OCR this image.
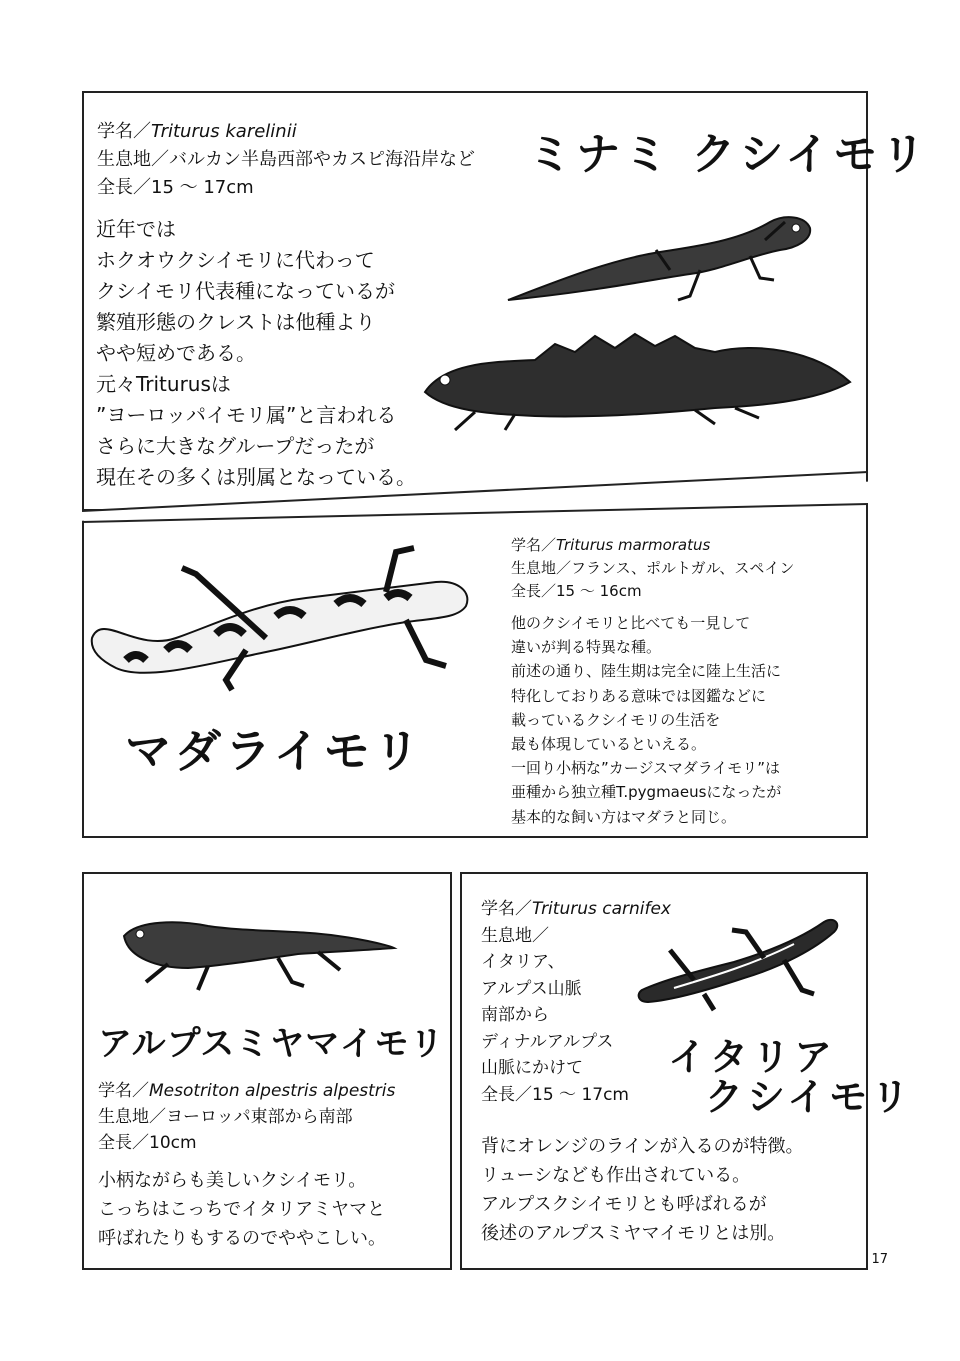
学名／Triturus karelinii
生息地／バルカン半島西部やカスピ海沿岸など
全長／15 ～ 17cm
ミナミ クシイモリ
近年では
ホクオウクシイモリに代わって
クシイモリ代表種になっているが
繁殖形態のクレストは他種より
やや短めである。
元々Triturusは
”ヨーロッパイモリ属”と言われる
さらに大きなグループだったが
現在その多くは別属となっている。
学名／Triturus marmoratus
生息地／フランス、ポルトガル、スペイン
全長／15 ～ 16cm
他のクシイモリと比べても一見して
違いが判る特異な種。
前述の通り、陸生期は完全に陸上生活に
特化しておりある意味では図鑑などに
載っているクシイモリの生活を
最も体現しているといえる。
一回り小柄な”カージスマダライモリ”は
亜種から独立種T.pygmaeusになったが
基本的な飼い方はマダラと同じ。
マダライモリ
アルプスミヤマイモリ
学名／Mesotriton alpestris alpestris
生息地／ヨーロッパ東部から南部
全長／10cm
小柄ながらも美しいクシイモリ。
こっちはこっちでイタリアミヤマと
呼ばれたりもするのでややこしい。
学名／Triturus carnifex
生息地／
イタリア、
アルプス山脈
南部から
ディナルアルプス
山脈にかけて
全長／15 ～ 17cm
イタリア
クシイモリ
背にオレンジのラインが入るのが特徴。
リューシなども作出されている。
アルプスクシイモリとも呼ばれるが
後述のアルプスミヤマイモリとは別。
17
